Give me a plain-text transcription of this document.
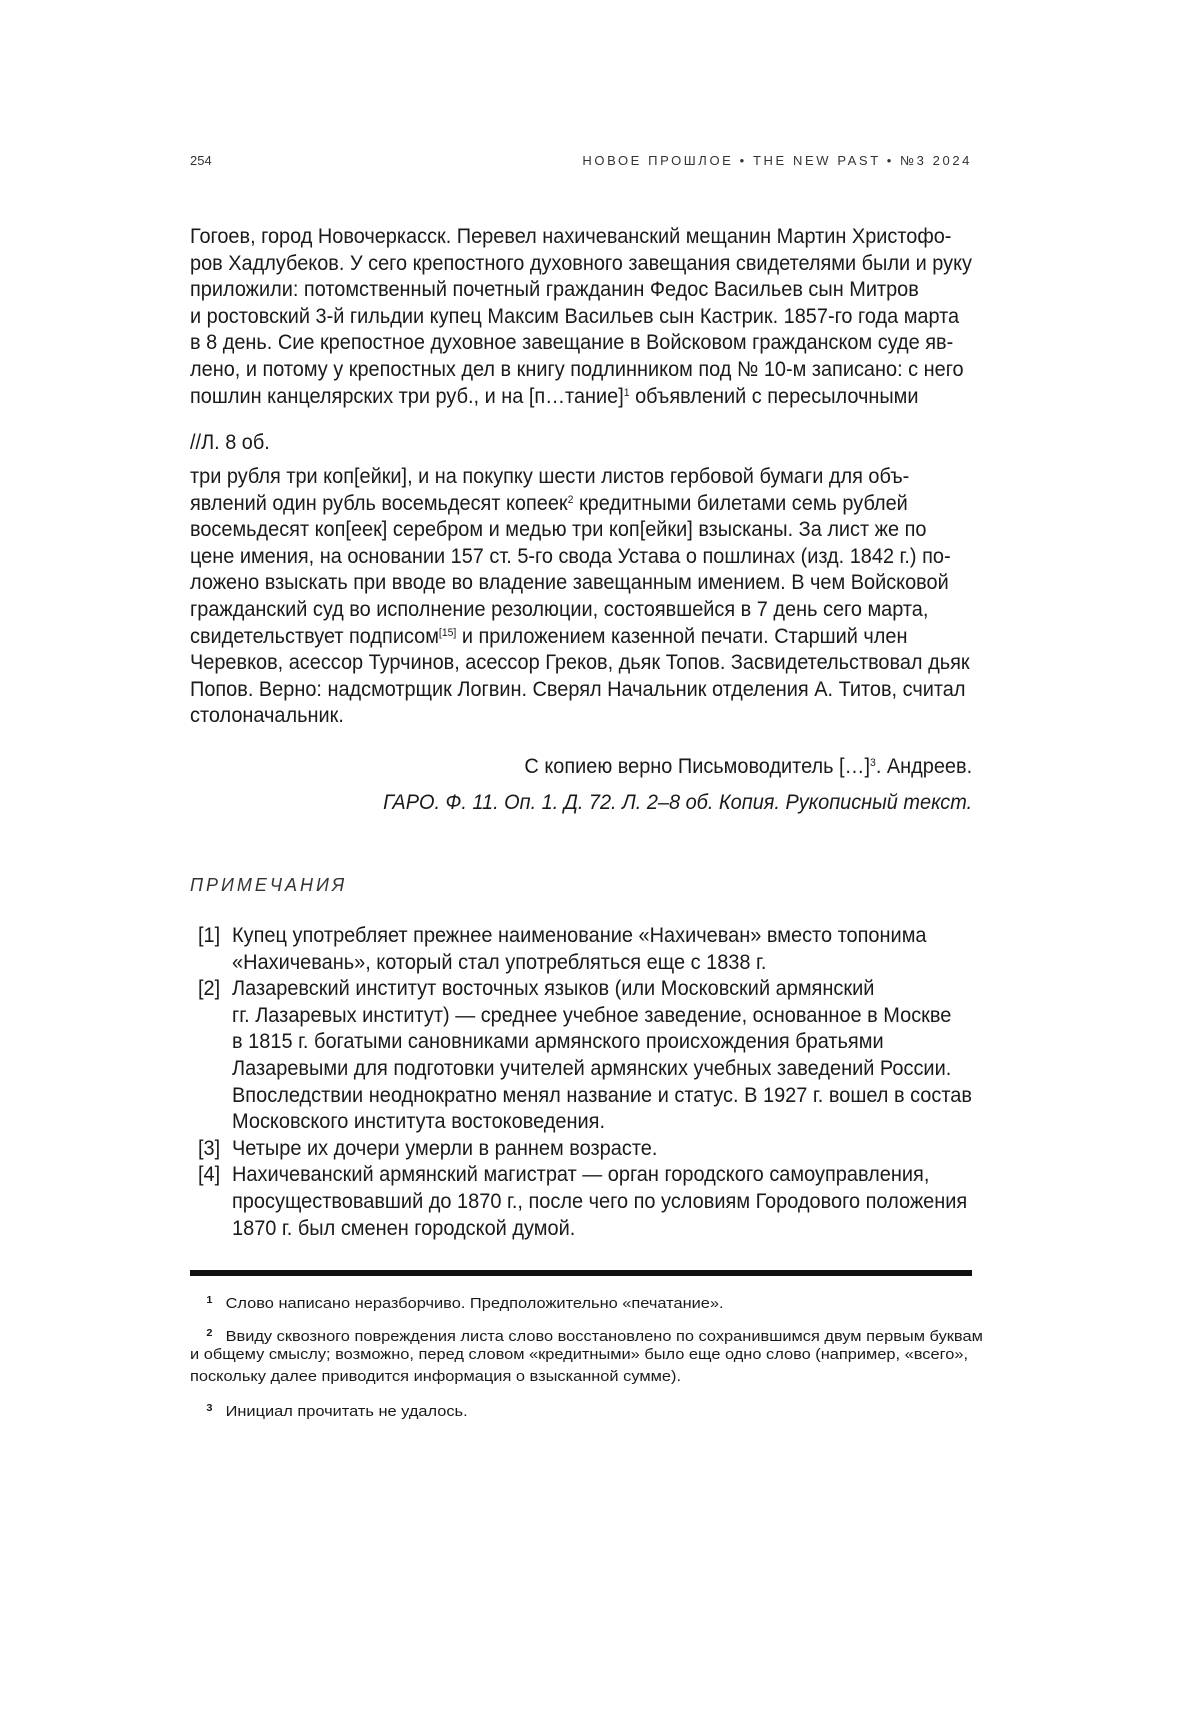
254	НОВОЕ ПРОШЛОЕ • THE NEW PAST • №3 2024
Гогоев, город Новочеркасск. Перевел нахичеванский мещанин Мартин Христофо-
ров Хадлубеков. У сего крепостного духовного завещания свидетелями были и руку
приложили: потомственный почетный гражданин Федос Васильев сын Митров
и ростовский 3-й гильдии купец Максим Васильев сын Кастрик. 1857-го года марта
в 8 день. Сие крепостное духовное завещание в Войсковом гражданском суде яв-
лено, и потому у крепостных дел в книгу подлинником под № 10-м записано: с него
пошлин канцелярских три руб., и на [п…тание]1 объявлений с пересылочными
//Л. 8 об.
три рубля три коп[ейки], и на покупку шести листов гербовой бумаги для объ-
явлений один рубль восемьдесят копеек2 кредитными билетами семь рублей
восемьдесят коп[еек] серебром и медью три коп[ейки] взысканы. За лист же по
цене имения, на основании 157 ст. 5-го свода Устава о пошлинах (изд. 1842 г.) по-
ложено взыскать при вводе во владение завещанным имением. В чем Войсковой
гражданский суд во исполнение резолюции, состоявшейся в 7 день сего марта,
свидетельствует подписом[15] и приложением казенной печати. Старший член
Черевков, асессор Турчинов, асессор Греков, дьяк Топов. Засвидетельствовал дьяк
Попов. Верно: надсмотрщик Логвин. Сверял Начальник отделения А. Титов, считал
столоначальник.
С копиею верно Письмоводитель […]3. Андреев.
ГАРО. Ф. 11. Оп. 1. Д. 72. Л. 2–8 об. Копия. Рукописный текст.
ПРИМЕЧАНИЯ
[1] Купец употребляет прежнее наименование «Нахичеван» вместо топонима
«Нахичевань», который стал употребляться еще с 1838 г.
[2] Лазаревский институт восточных языков (или Московский армянский
гг. Лазаревых институт) — среднее учебное заведение, основанное в Москве
в 1815 г. богатыми сановниками армянского происхождения братьями
Лазаревыми для подготовки учителей армянских учебных заведений России.
Впоследствии неоднократно менял название и статус. В 1927 г. вошел в состав
Московского института востоковедения.
[3] Четыре их дочери умерли в раннем возрасте.
[4] Нахичеванский армянский магистрат — орган городского самоуправления,
просуществовавший до 1870 г., после чего по условиям Городового положения
1870 г. был сменен городской думой.
1 Слово написано неразборчиво. Предположительно «печатание».
2 Ввиду сквозного повреждения листа слово восстановлено по сохранившимся двум первым буквам
и общему смыслу; возможно, перед словом «кредитными» было еще одно слово (например, «всего»,
поскольку далее приводится информация о взысканной сумме).
3 Инициал прочитать не удалось.
